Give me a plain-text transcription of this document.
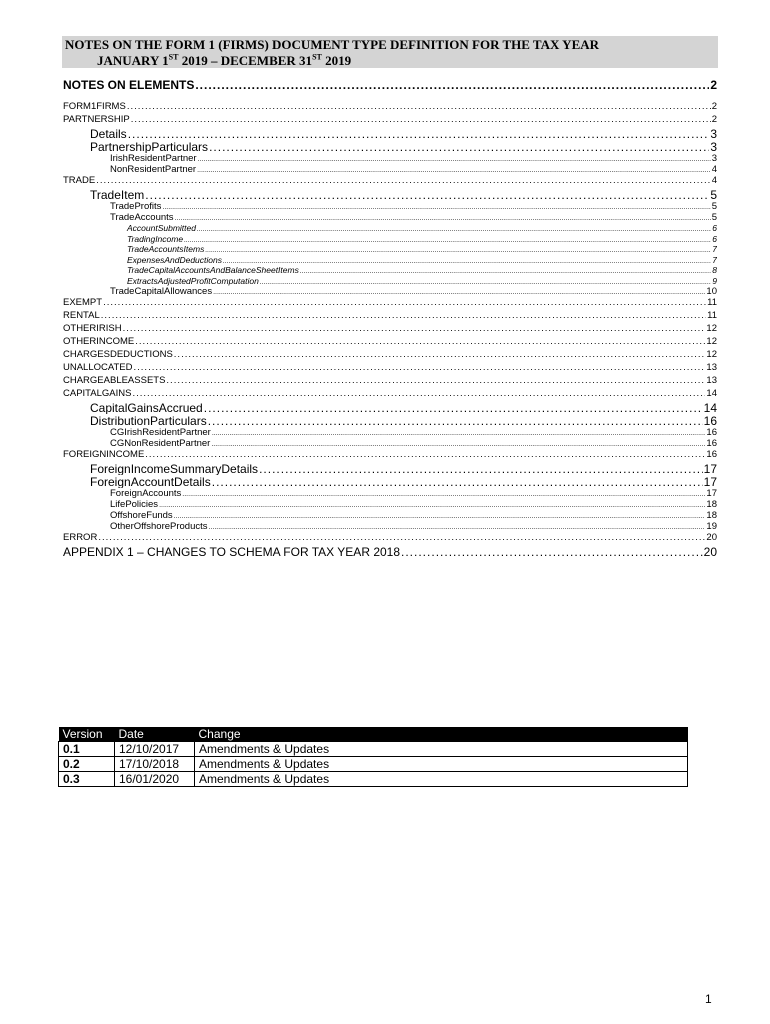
NOTES ON THE FORM 1 (FIRMS) DOCUMENT TYPE DEFINITION FOR THE TAX YEAR
JANUARY 1ST 2019 – DECEMBER 31ST 2019
NOTES ON ELEMENTS .....	2
FORM1FIRMS .....	2
PARTNERSHIP .....	2
Details .....	3
PartnershipParticulars .....	3
IrishResidentPartner .....	3
NonResidentPartner .....	4
TRADE .....	4
TradeItem .....	5
TradeProfits .....	5
TradeAccounts .....	5
AccountSubmitted .....	6
TradingIncome .....	6
TradeAccountsItems .....	7
ExpensesAndDeductions .....	7
TradeCapitalAccountsAndBalanceSheetItems .....	8
ExtractsAdjustedProfitComputation .....	9
TradeCapitalAllowances .....	10
EXEMPT .....	11
RENTAL .....	11
OTHERIRISH .....	12
OTHERINCOME .....	12
CHARGESDEDUCTIONS .....	12
UNALLOCATED .....	13
CHARGEABLEASSETS .....	13
CAPITALGAINS .....	14
CapitalGainsAccrued .....	14
DistributionParticulars .....	16
CGIrishResidentPartner .....	16
CGNonResidentPartner .....	16
FOREIGNINCOME .....	16
ForeignIncomeSummaryDetails .....	17
ForeignAccountDetails .....	17
ForeignAccounts .....	17
LifePolicies .....	18
OffshoreFunds .....	18
OtherOffshoreProducts .....	19
ERROR .....	20
APPENDIX 1 – CHANGES TO SCHEMA FOR TAX YEAR 2018 .....	20
Version	Date	Change
0.1	12/10/2017	Amendments & Updates
0.2	17/10/2018	Amendments & Updates
0.3	16/01/2020	Amendments & Updates
1
